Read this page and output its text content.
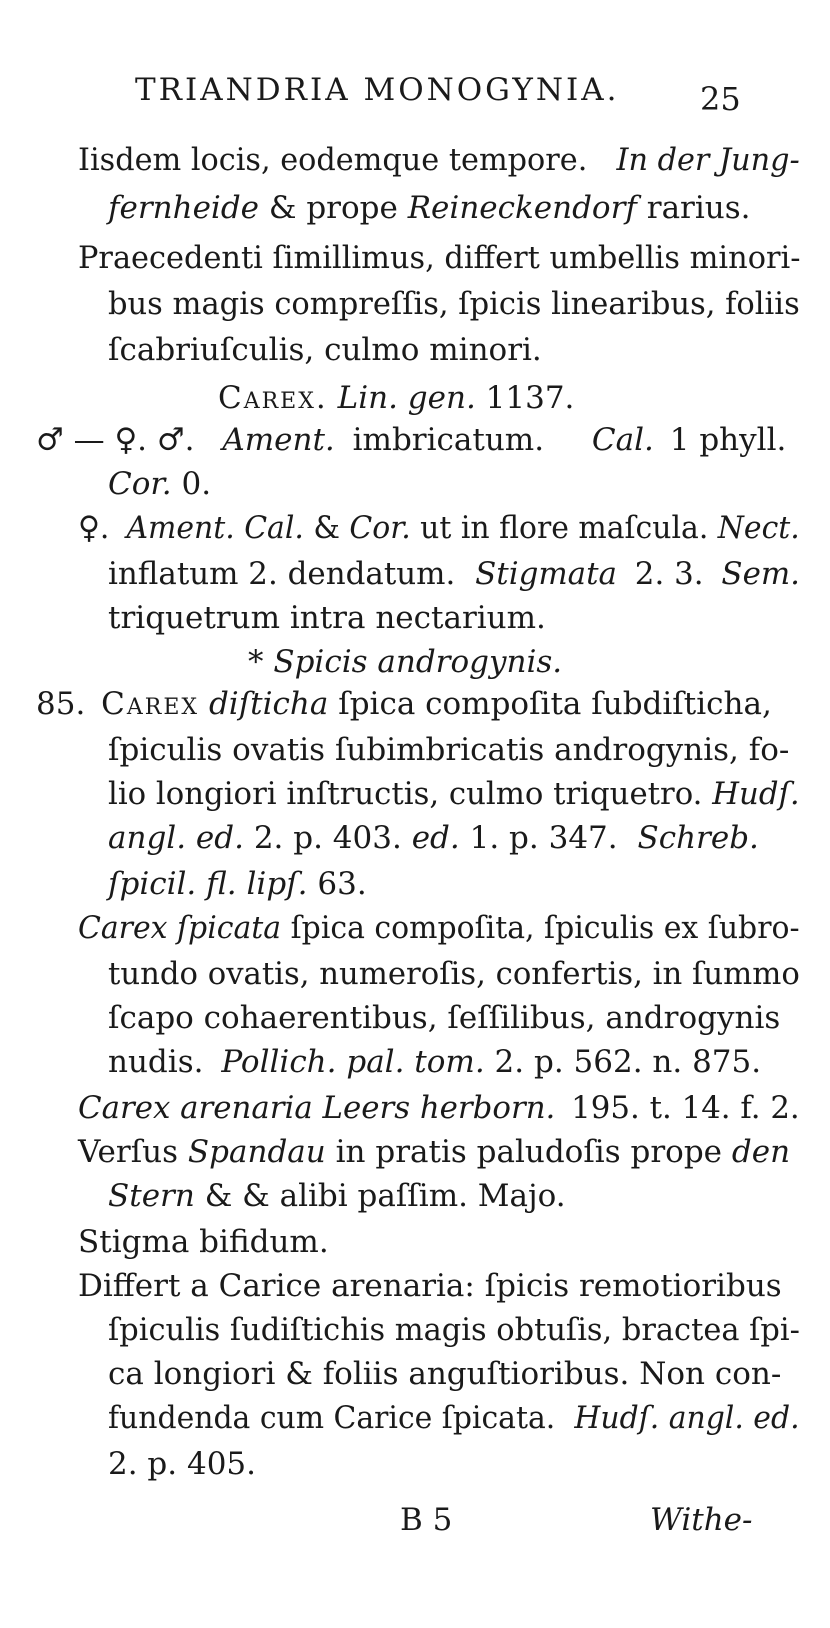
TRIANDRIA MONOGYNIA.	25
Iisdem locis, eodemque tempore. In der Jung-
fernheide & prope Reineckendorf rarius.
Praecedenti ſimillimus, differt umbellis minori-
bus magis compreſſis, ſpicis linearibus, foliis
ſcabriuſculis, culmo minori.
Carex. Lin. gen. 1137.
♂ — ♀. ♂. Ament. imbricatum. Cal. 1 phyll.
Cor. 0.
♀. Ament. Cal. & Cor. ut in flore maſcula. Nect.
inflatum 2. dendatum. Stigmata 2. 3. Sem.
triquetrum intra nectarium.
* Spicis androgynis.
85. Carex diſticha ſpica compoſita ſubdiſticha,
ſpiculis ovatis ſubimbricatis androgynis, fo-
lio longiori inſtructis, culmo triquetro. Hudſ.
angl. ed. 2. p. 403. ed. 1. p. 347. Schreb.
ſpicil. fl. lipſ. 63.
Carex ſpicata ſpica compoſita, ſpiculis ex ſubro-
tundo ovatis, numeroſis, confertis, in ſummo
ſcapo cohaerentibus, ſeſſilibus, androgynis
nudis. Pollich. pal. tom. 2. p. 562. n. 875.
Carex arenaria Leers herborn. 195. t. 14. f. 2.
Verſus Spandau in pratis paludoſis prope den
Stern & & alibi paſſim. Majo.
Stigma bifidum.
Differt a Carice arenaria: ſpicis remotioribus
ſpiculis ſudiſtichis magis obtuſis, bractea ſpi-
ca longiori & foliis anguſtioribus. Non con-
fundenda cum Carice ſpicata. Hudſ. angl. ed.
2. p. 405.
B 5	Withe-
